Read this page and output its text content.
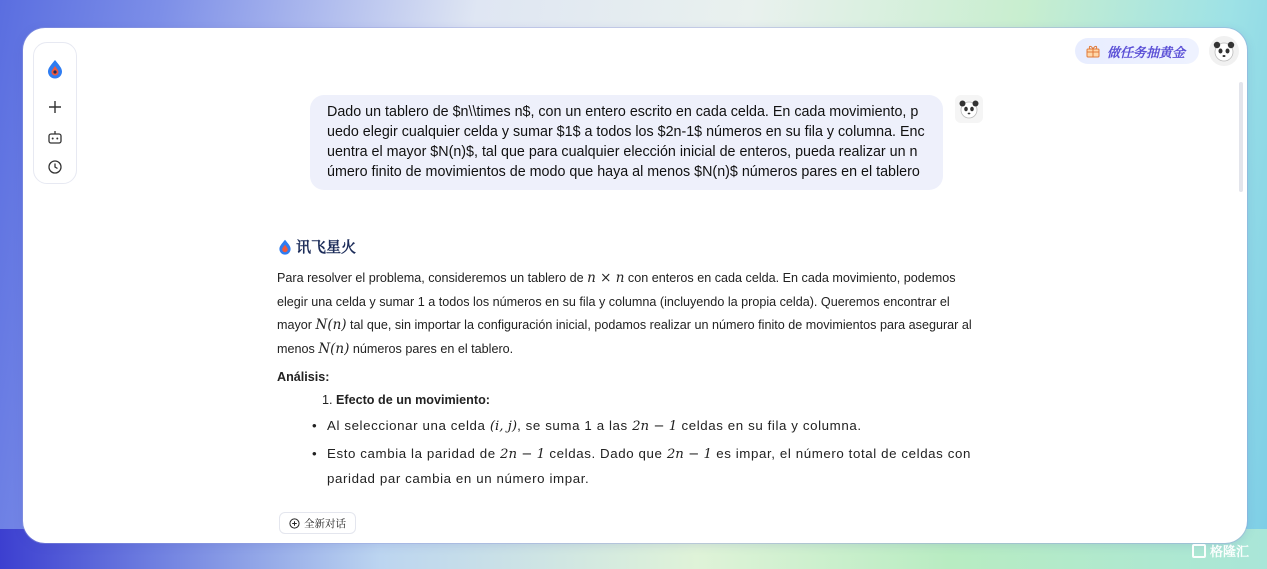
做任务抽黄金
Dado un tablero de $n\\times n$, con un entero escrito en cada celda. En cada movimiento, puedo elegir cualquier celda y sumar $1$ a todos los $2n-1$ números en su fila y columna. Encuentra el mayor $N(n)$, tal que para cualquier elección inicial de enteros, pueda realizar un número finito de movimientos de modo que haya al menos $N(n)$ números pares en el tablero
讯飞星火

Para resolver el problema, consideremos un tablero de n × n con enteros en cada celda. En cada movimiento, podemos elegir una celda y sumar 1 a todos los números en su fila y columna (incluyendo la propia celda). Queremos encontrar el mayor N(n) tal que, sin importar la configuración inicial, podamos realizar un número finito de movimientos para asegurar al menos N(n) números pares en el tablero.

Análisis:
1. Efecto de un movimiento:
• Al seleccionar una celda (i, j), se suma 1 a las 2n − 1 celdas en su fila y columna.
• Esto cambia la paridad de 2n − 1 celdas. Dado que 2n − 1 es impar, el número total de celdas con paridad par cambia en un número impar.
全新对话
格隆汇
